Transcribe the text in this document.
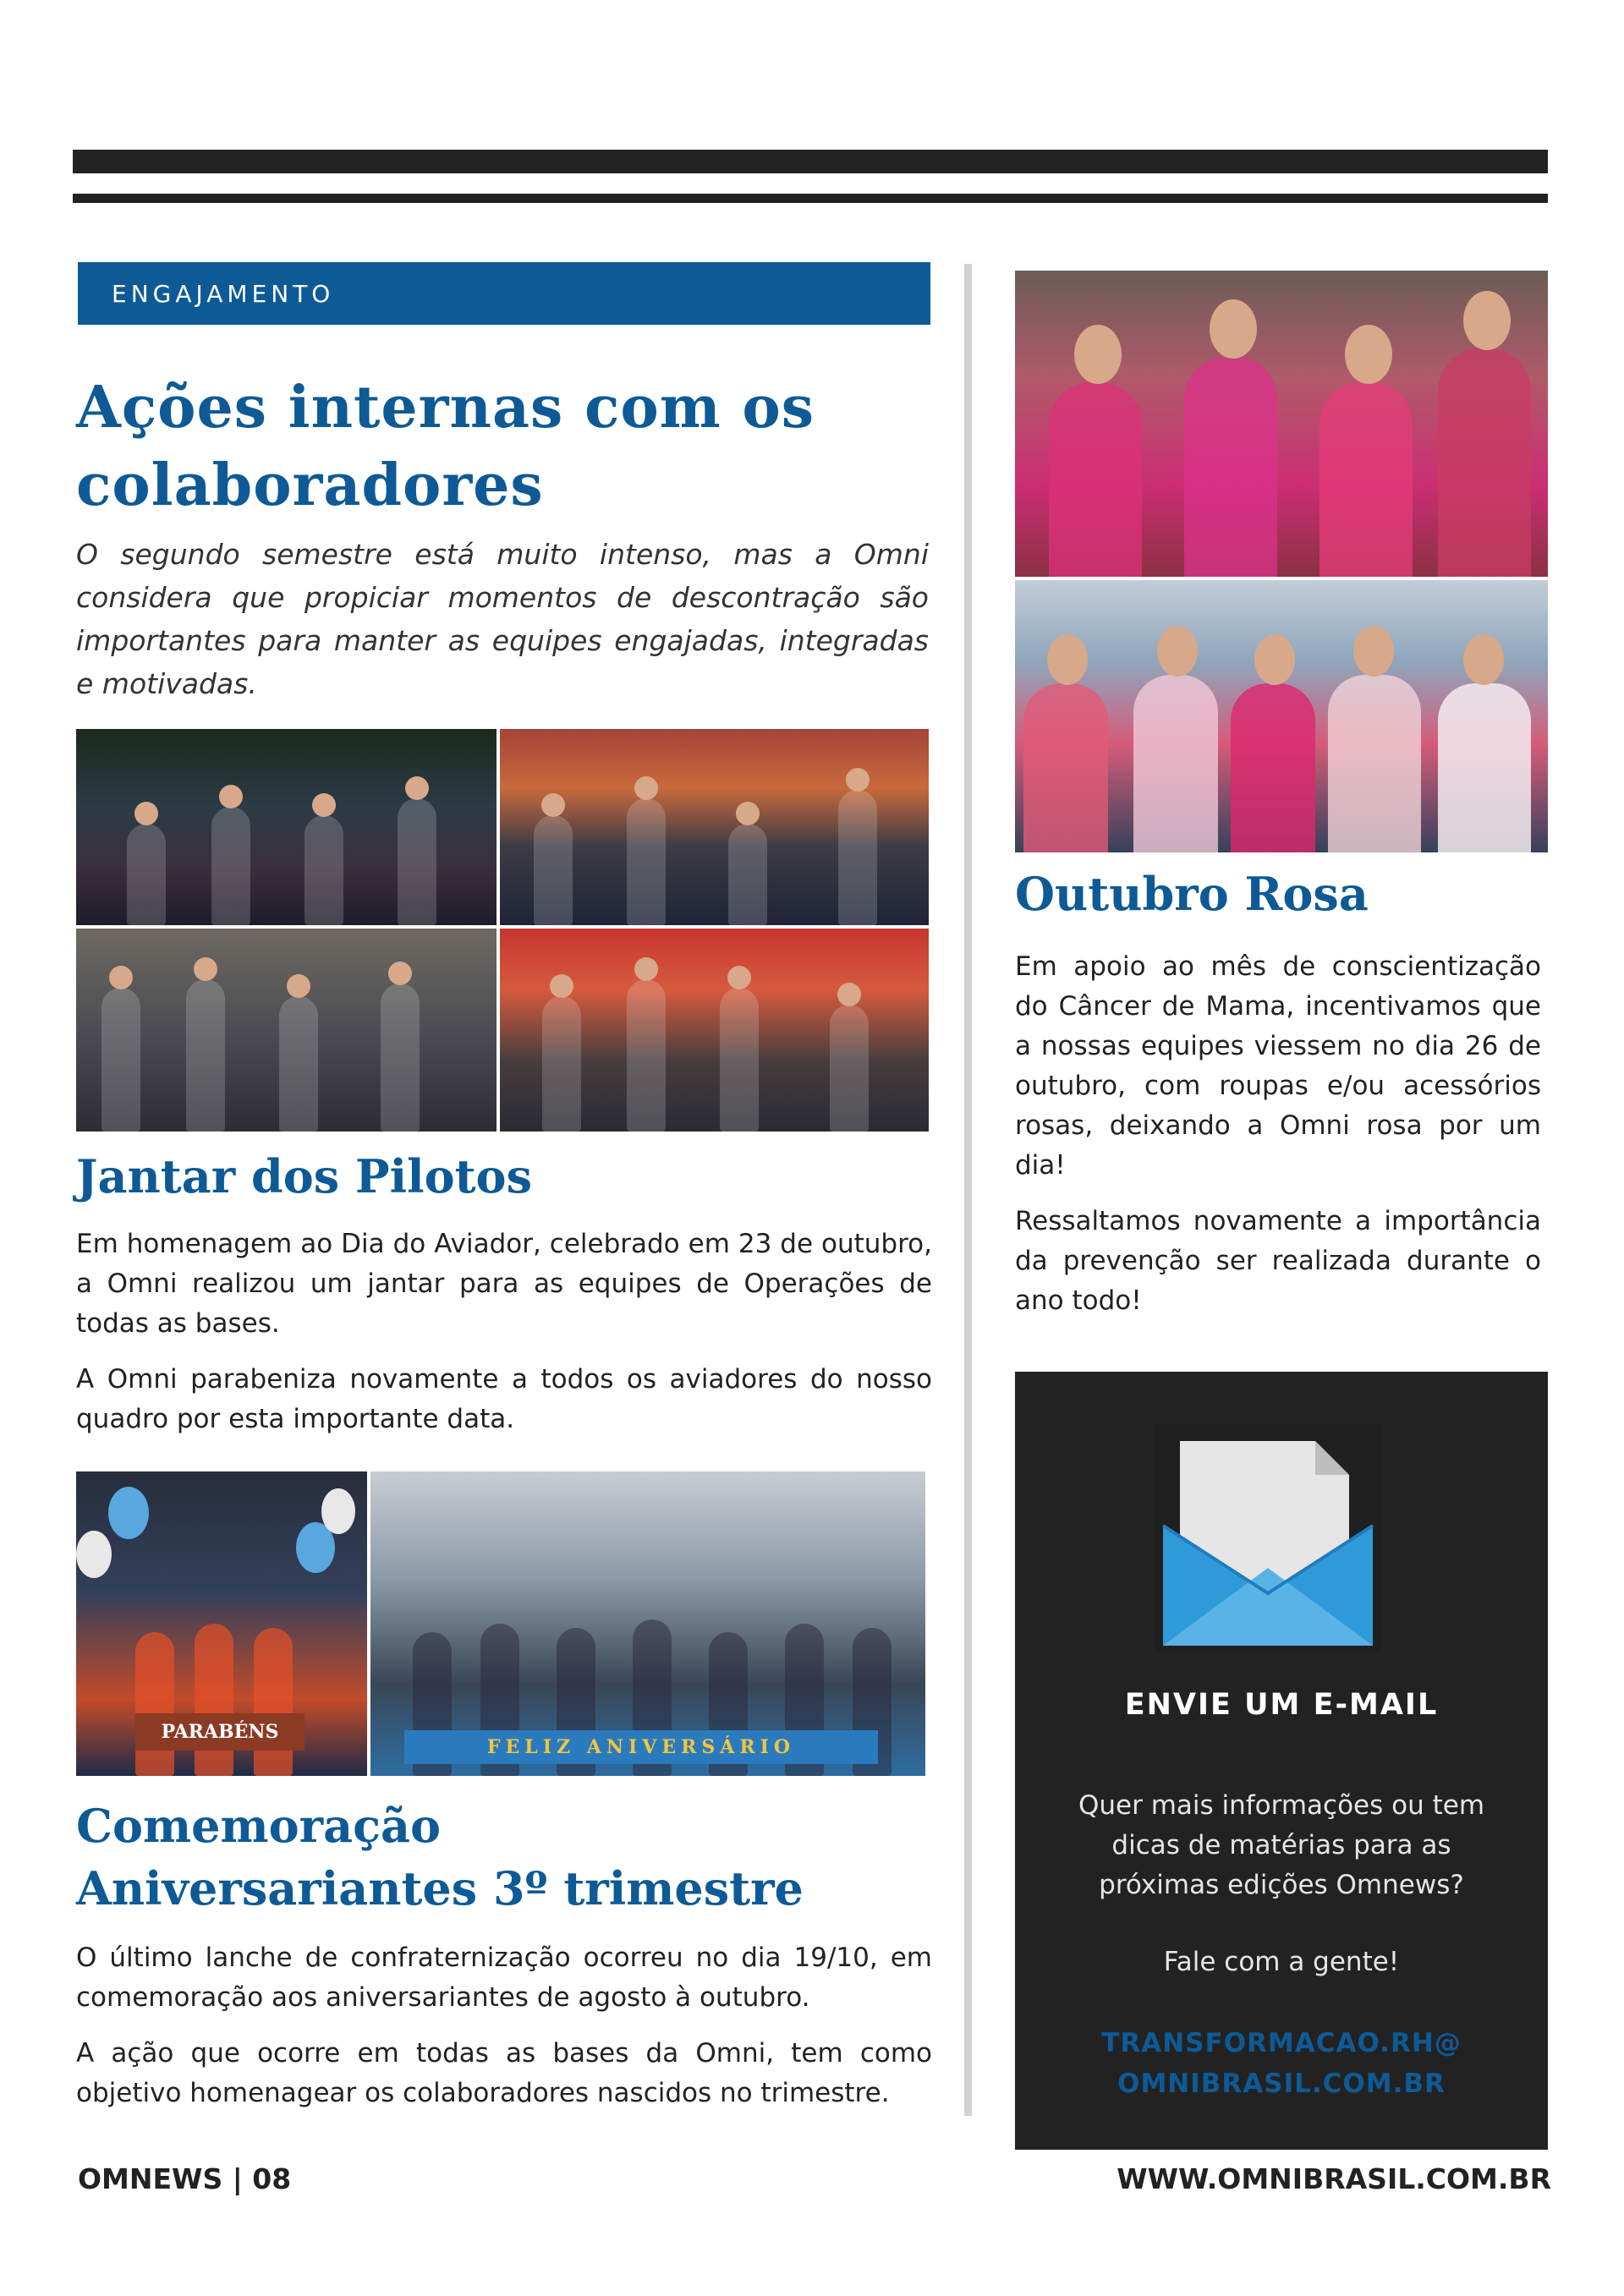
ENGAJAMENTO
Ações internas com os colaboradores

O segundo semestre está muito intenso, mas a Omni considera que propiciar momentos de descontração são importantes para manter as equipes engajadas, integradas e motivadas.

Jantar dos Pilotos

Em homenagem ao Dia do Aviador, celebrado em 23 de outubro, a Omni realizou um jantar para as equipes de Operações de todas as bases.

A Omni parabeniza novamente a todos os aviadores do nosso quadro por esta importante data.

PARABÉNS
FELIZ ANIVERSÁRIO
Comemoração
Aniversariantes 3º trimestre

O último lanche de confraternização ocorreu no dia 19/10, em comemoração aos aniversariantes de agosto à outubro.

A ação que ocorre em todas as bases da Omni, tem como objetivo homenagear os colaboradores nascidos no trimestre.

Outubro Rosa

Em apoio ao mês de conscientização do Câncer de Mama, incentivamos que a nossas equipes viessem no dia 26 de outubro, com roupas e/ou acessórios rosas, deixando a Omni rosa por um dia!

Ressaltamos novamente a importância da prevenção ser realizada durante o ano todo!

ENVIE UM E-MAIL
Quer mais informações ou tem dicas de matérias para as próximas edições Omnews?
Fale com a gente!
TRANSFORMACAO.RH@
OMNIBRASIL.COM.BR
OMNEWS | 08	WWW.OMNIBRASIL.COM.BR
